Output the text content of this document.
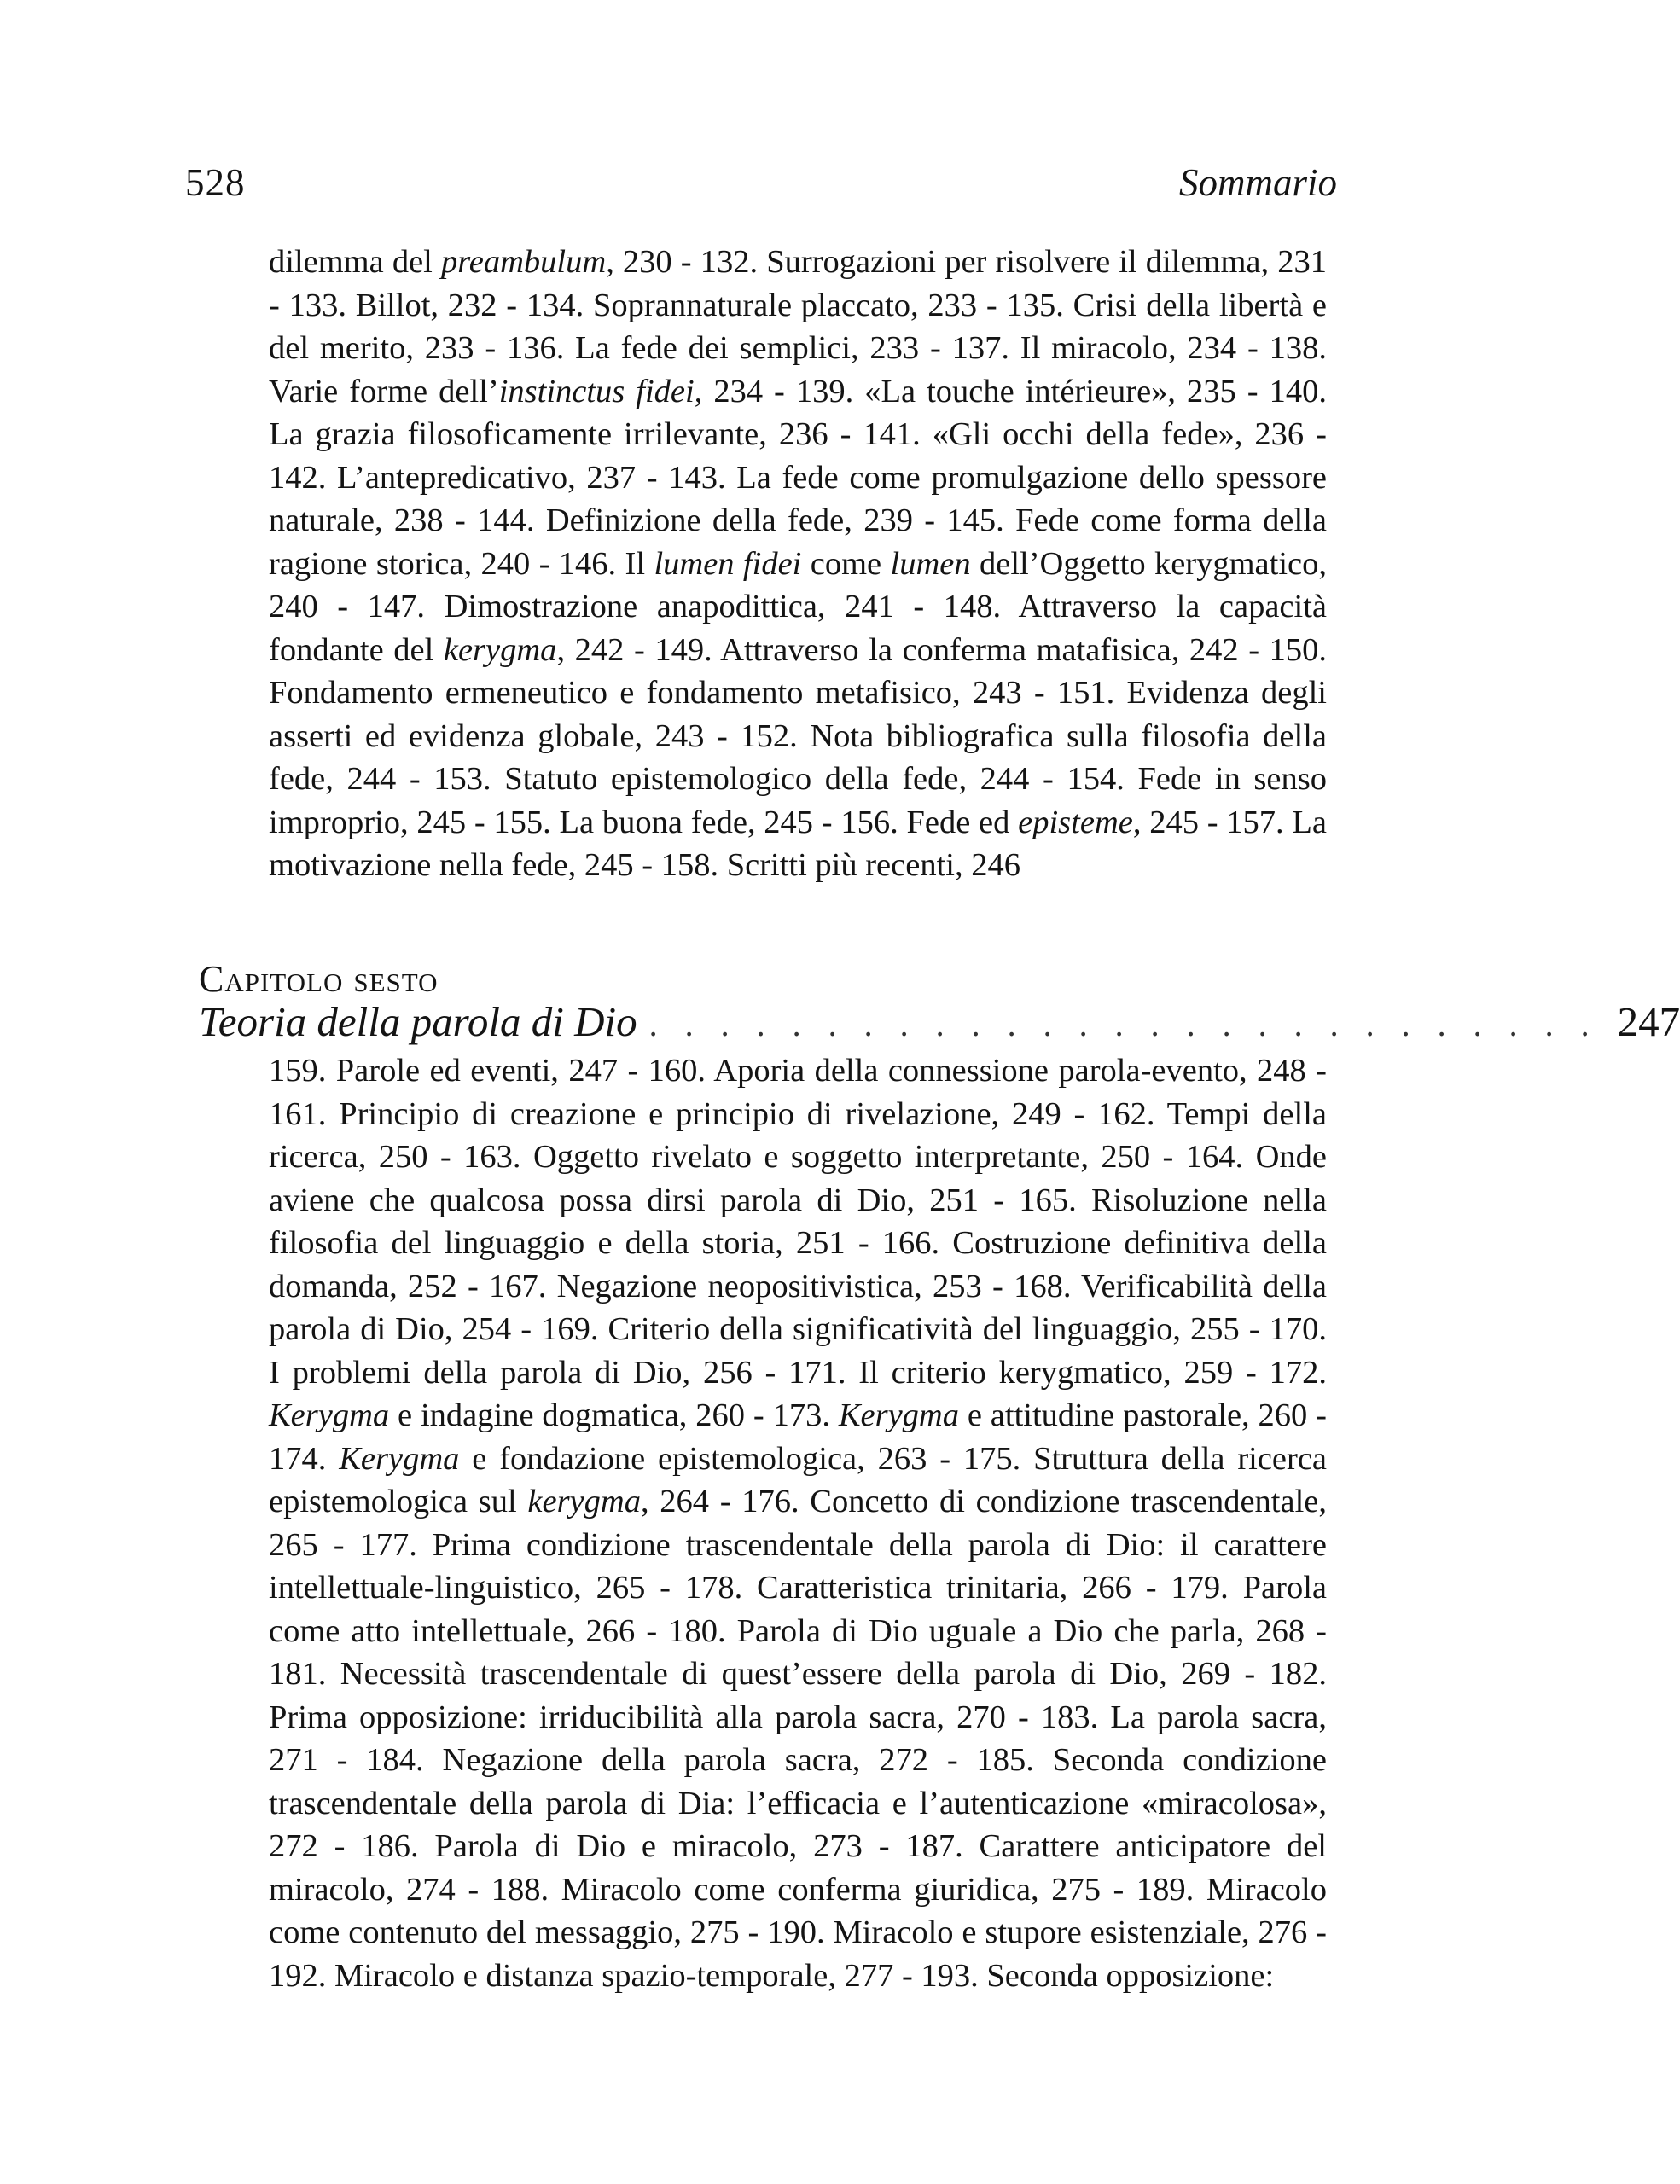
528	Sommario

dilemma del preambulum, 230 - 132. Surrogazioni per risolvere il dilemma, 231 - 133. Billot, 232 - 134. Soprannaturale placcato, 233 - 135. Crisi della libertà e del merito, 233 - 136. La fede dei semplici, 233 - 137. Il miracolo, 234 - 138. Varie forme dell’instinctus fidei, 234 - 139. «La touche intérieure», 235 - 140. La grazia filosoficamente irrilevante, 236 - 141. «Gli occhi della fede», 236 - 142. L’antepredicativo, 237 - 143. La fede come promulgazione dello spessore naturale, 238 - 144. Definizione della fede, 239 - 145. Fede come forma della ragione storica, 240 - 146. Il lumen fidei come lumen dell’Oggetto kerygmatico, 240 - 147. Dimostrazione anapodittica, 241 - 148. Attraverso la capacità fondante del kerygma, 242 - 149. Attraverso la conferma matafisica, 242 - 150. Fondamento ermeneutico e fondamento metafisico, 243 - 151. Evidenza degli asserti ed evidenza globale, 243 - 152. Nota bibliografica sulla filosofia della fede, 244 - 153. Statuto epistemologico della fede, 244 - 154. Fede in senso improprio, 245 - 155. La buona fede, 245 - 156. Fede ed episteme, 245 - 157. La motivazione nella fede, 245 - 158. Scritti più recenti, 246

Capitolo sesto
Teoria della parola di Dio . . . . . . . . . . . . . . . . . . . . . . . . . . . 247

159. Parole ed eventi, 247 - 160. Aporia della connessione parola-evento, 248 - 161. Principio di creazione e principio di rivelazione, 249 - 162. Tempi della ricerca, 250 - 163. Oggetto rivelato e soggetto interpretante, 250 - 164. Onde aviene che qualcosa possa dirsi parola di Dio, 251 - 165. Risoluzione nella filosofia del linguaggio e della storia, 251 - 166. Costruzione definitiva della domanda, 252 - 167. Negazione neopositivistica, 253 - 168. Verificabilità della parola di Dio, 254 - 169. Criterio della significatività del linguaggio, 255 - 170. I problemi della parola di Dio, 256 - 171. Il criterio kerygmatico, 259 - 172. Kerygma e indagine dogmatica, 260 - 173. Kerygma e attitudine pastorale, 260 - 174. Kerygma e fondazione epistemologica, 263 - 175. Struttura della ricerca epistemologica sul kerygma, 264 - 176. Concetto di condizione trascendentale, 265 - 177. Prima condizione trascendentale della parola di Dio: il carattere intellettuale-linguistico, 265 - 178. Caratteristica trinitaria, 266 - 179. Parola come atto intellettuale, 266 - 180. Parola di Dio uguale a Dio che parla, 268 - 181. Necessità trascendentale di quest’essere della parola di Dio, 269 - 182. Prima opposizione: irriducibilità alla parola sacra, 270 - 183. La parola sacra, 271 - 184. Negazione della parola sacra, 272 - 185. Seconda condizione trascendentale della parola di Dia: l’efficacia e l’autenticazione «miracolosa», 272 - 186. Parola di Dio e miracolo, 273 - 187. Carattere anticipatore del miracolo, 274 - 188. Miracolo come conferma giuridica, 275 - 189. Miracolo come contenuto del messaggio, 275 - 190. Miracolo e stupore esistenziale, 276 - 192. Miracolo e distanza spazio-temporale, 277 - 193. Seconda opposizione:
